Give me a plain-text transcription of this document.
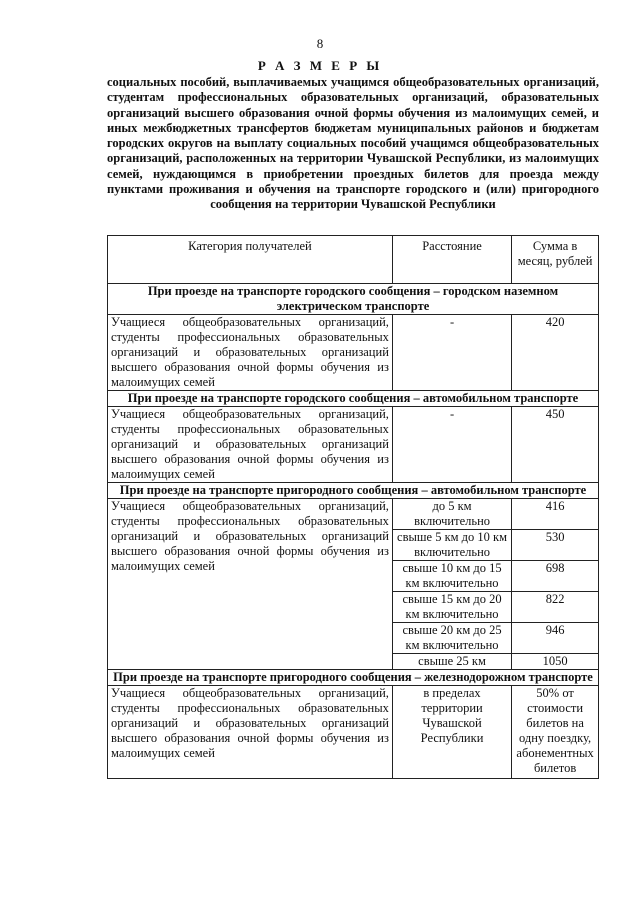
8
Р А З М Е Р Ы
социальных пособий, выплачиваемых учащимся общеобразовательных организаций, студентам профессиональных образовательных организаций, образовательных организаций высшего образования очной формы обучения из малоимущих семей, и иных межбюджетных трансфертов бюджетам муниципальных районов и бюджетам городских округов на выплату социальных пособий учащимся общеобразовательных организаций, расположенных на территории Чувашской Республики, из малоимущих семей, нуждающимся в приобретении проездных билетов для проезда между пунктами проживания и обучения на транспорте городского и (или) пригородного сообщения на территории Чувашской Республики
Категория получателей	Расстояние	Сумма в месяц, рублей
При проезде на транспорте городского сообщения – городском наземном электрическом транспорте		
Учащиеся общеобразовательных организаций, студенты профессиональных образовательных организаций и образовательных организаций высшего образования очной формы обучения из малоимущих семей	-	420
При проезде на транспорте городского сообщения – автомобильном транспорте		
Учащиеся общеобразовательных организаций, студенты профессиональных образовательных организаций и образовательных организаций высшего образования очной формы обучения из малоимущих семей	-	450
При проезде на транспорте пригородного сообщения – автомобильном транспорте		
Учащиеся общеобразовательных организаций, студенты профессиональных образовательных организаций и образовательных организаций высшего образования очной формы обучения из малоимущих семей	до 5 км включительно	416
	свыше 5 км до 10 км включительно	530
	свыше 10 км до 15 км включительно	698
	свыше 15 км до 20 км включительно	822
	свыше 20 км до 25 км включительно	946
	свыше 25 км	1050
При проезде на транспорте пригородного сообщения – железнодорожном транспорте		
Учащиеся общеобразовательных организаций, студенты профессиональных образовательных организаций и образовательных организаций высшего образования очной формы обучения из малоимущих семей	в пределах территории Чувашской Республики	50% от стоимости билетов на одну поездку, абонементных билетов
